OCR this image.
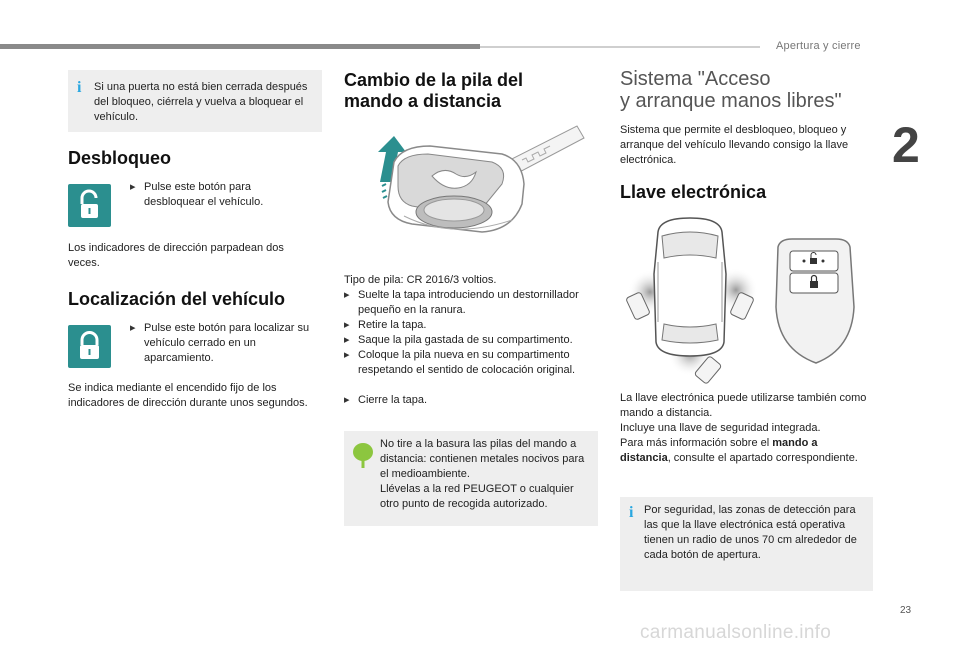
Apertura y cierre
2
i Si una puerta no está bien cerrada después del bloqueo, ciérrela y vuelva a bloquear el vehículo.

Desbloqueo
▸ Pulse este botón para desbloquear el vehículo.

Los indicadores de dirección parpadean dos veces.

Localización del vehículo
▸ Pulse este botón para localizar su vehículo cerrado en un aparcamiento.

Se indica mediante el encendido fijo de los indicadores de dirección durante unos segundos.

Cambio de la pila del
mando a distancia

Tipo de pila: CR 2016/3 voltios.

▸ Suelte la tapa introduciendo un destornillador pequeño en la ranura.

▸ Retire la tapa.

▸ Saque la pila gastada de su compartimento.

▸ Coloque la pila nueva en su compartimento respetando el sentido de colocación original.

▸ Cierre la tapa.

No tire a la basura las pilas del mando a distancia: contienen metales nocivos para el medioambiente.

Llévelas a la red PEUGEOT o cualquier otro punto de recogida autorizado.

Sistema "Acceso
y arranque manos libres"

Sistema que permite el desbloqueo, bloqueo y arranque del vehículo llevando consigo la llave electrónica.

Llave electrónica

La llave electrónica puede utilizarse también como mando a distancia.

Incluye una llave de seguridad integrada.

Para más información sobre el mando a distancia, consulte el apartado correspondiente.

i Por seguridad, las zonas de detección para las que la llave electrónica está operativa tienen un radio de unos 70 cm alrededor de cada botón de apertura.

23
carmanualsonline.info
